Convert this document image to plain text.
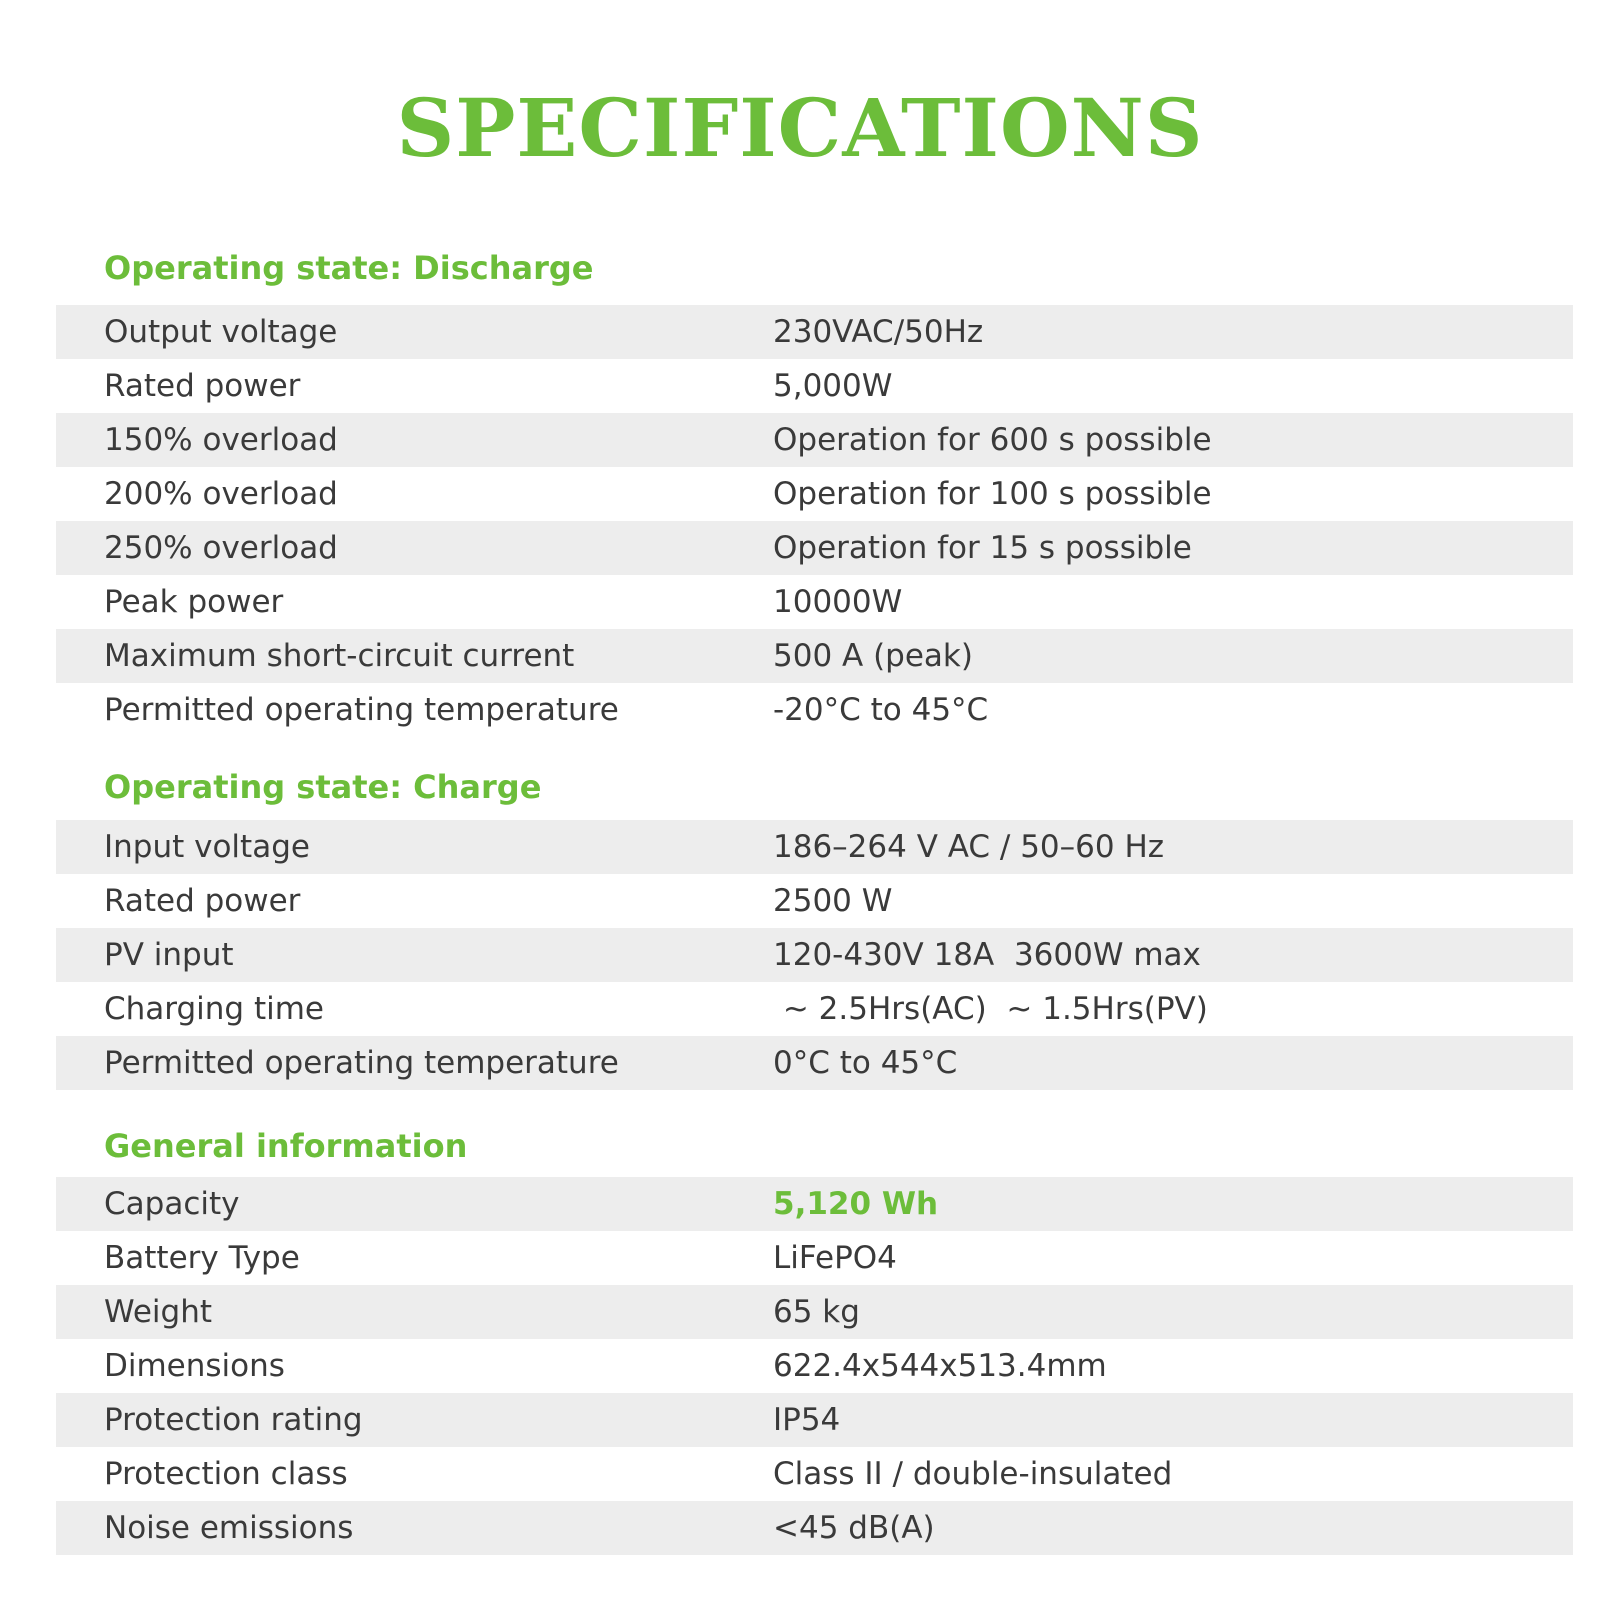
SPECIFICATIONS
Operating state: Discharge
Output voltage	230VAC/50Hz
Rated power	5,000W
150% overload	Operation for 600 s possible
200% overload	Operation for 100 s possible
250% overload	Operation for 15 s possible
Peak power	10000W
Maximum short-circuit current	500 A (peak)
Permitted operating temperature	-20°C to 45°C
Operating state: Charge
Input voltage	186–264 V AC / 50–60 Hz
Rated power	2500 W
PV input	120-430V 18A  3600W max
Charging time	~ 2.5Hrs(AC)  ~ 1.5Hrs(PV)
Permitted operating temperature	0°C to 45°C
General information
Capacity	5,120 Wh
Battery Type	LiFePO4
Weight	65 kg
Dimensions	622.4x544x513.4mm
Protection rating	IP54
Protection class	Class II / double-insulated
Noise emissions	<45 dB(A)
